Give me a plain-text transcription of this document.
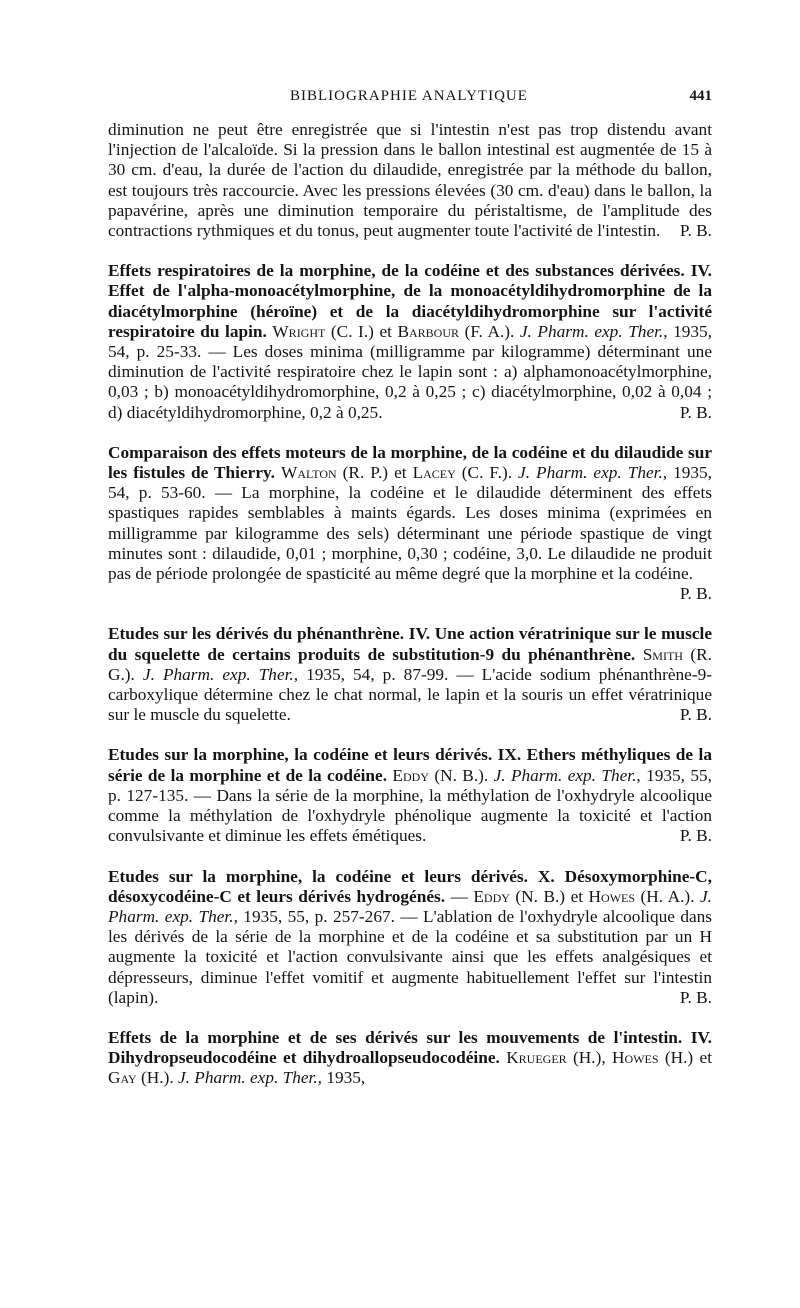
BIBLIOGRAPHIE ANALYTIQUE	441

diminution ne peut être enregistrée que si l'intestin n'est pas trop distendu avant l'injection de l'alcaloïde. Si la pression dans le ballon intestinal est augmentée de 15 à 30 cm. d'eau, la durée de l'action du dilaudide, enregistrée par la méthode du ballon, est toujours très raccourcie. Avec les pressions élevées (30 cm. d'eau) dans le ballon, la papavérine, après une diminution temporaire du péristaltisme, de l'amplitude des contractions rythmiques et du tonus, peut augmenter toute l'activité de l'intestin.	P. B.

Effets respiratoires de la morphine, de la codéine et des substances dérivées. IV. Effet de l'alpha-monoacétylmorphine, de la monoacétyldihydromorphine de la diacétylmorphine (héroïne) et de la diacétyldihydromorphine sur l'activité respiratoire du lapin. Wright (C. I.) et Barbour (F. A.). J. Pharm. exp. Ther., 1935, 54, p. 25-33. — Les doses minima (milligramme par kilogramme) déterminant une diminution de l'activité respiratoire chez le lapin sont : a) alphamonoacétylmorphine, 0,03 ; b) monoacétyldihydromorphine, 0,2 à 0,25 ; c) diacétylmorphine, 0,02 à 0,04 ; d) diacétyldihydromorphine, 0,2 à 0,25.	P. B.

Comparaison des effets moteurs de la morphine, de la codéine et du dilaudide sur les fistules de Thierry. Walton (R. P.) et Lacey (C. F.). J. Pharm. exp. Ther., 1935, 54, p. 53-60. — La morphine, la codéine et le dilaudide déterminent des effets spastiques rapides semblables à maints égards. Les doses minima (exprimées en milligramme par kilogramme des sels) déterminant une période spastique de vingt minutes sont : dilaudide, 0,01 ; morphine, 0,30 ; codéine, 3,0. Le dilaudide ne produit pas de période prolongée de spasticité au même degré que la morphine et la codéine.

P. B.

Etudes sur les dérivés du phénanthrène. IV. Une action vératrinique sur le muscle du squelette de certains produits de substitution-9 du phénanthrène. Smith (R. G.). J. Pharm. exp. Ther., 1935, 54, p. 87-99. — L'acide sodium phénanthrène-9-carboxylique détermine chez le chat normal, le lapin et la souris un effet vératrinique sur le muscle du squelette.	P. B.

Etudes sur la morphine, la codéine et leurs dérivés. IX. Ethers méthyliques de la série de la morphine et de la codéine. Eddy (N. B.). J. Pharm. exp. Ther., 1935, 55, p. 127-135. — Dans la série de la morphine, la méthylation de l'oxhydryle alcoolique comme la méthylation de l'oxhydryle phénolique augmente la toxicité et l'action convulsivante et diminue les effets émétiques.	P. B.

Etudes sur la morphine, la codéine et leurs dérivés. X. Désoxymorphine-C, désoxycodéine-C et leurs dérivés hydrogénés. — Eddy (N. B.) et Howes (H. A.). J. Pharm. exp. Ther., 1935, 55, p. 257-267. — L'ablation de l'oxhydryle alcoolique dans les dérivés de la série de la morphine et de la codéine et sa substitution par un H augmente la toxicité et l'action convulsivante ainsi que les effets analgésiques et dépresseurs, diminue l'effet vomitif et augmente habituellement l'effet sur l'intestin (lapin).	P. B.

Effets de la morphine et de ses dérivés sur les mouvements de l'intestin. IV. Dihydropseudocodéine et dihydroallopseudocodéine. Krueger (H.), Howes (H.) et Gay (H.). J. Pharm. exp. Ther., 1935,
